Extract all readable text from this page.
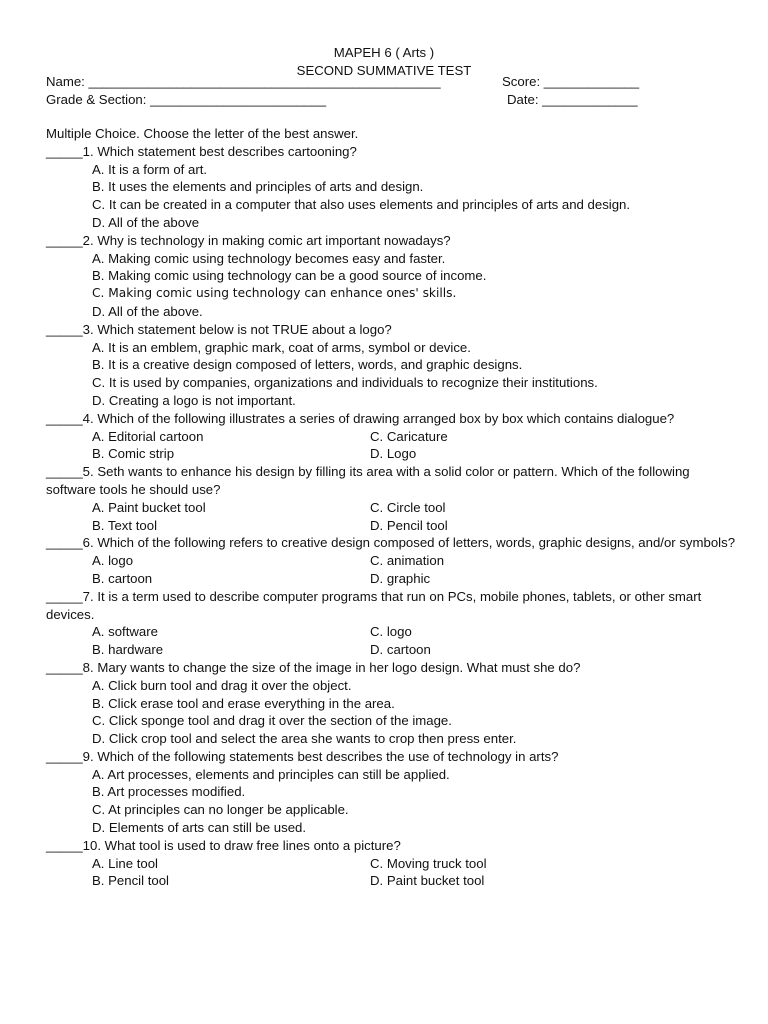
MAPEH 6 ( Arts )
SECOND SUMMATIVE TEST
Name: ________________________________________________	Score: _____________
Grade & Section: ________________________	Date: _____________
Multiple Choice. Choose the letter of the best answer.
_____1. Which statement best describes cartooning?
A. It is a form of art.
B. It uses the elements and principles of arts and design.
C. It can be created in a computer that also uses elements and principles of arts and design.
D. All of the above
_____2. Why is technology in making comic art important nowadays?
A. Making comic using technology becomes easy and faster.
B. Making comic using technology can be a good source of income.
C. Making comic using technology can enhance ones' skills.
D. All of the above.
_____3. Which statement below is not TRUE about a logo?
A. It is an emblem, graphic mark, coat of arms, symbol or device.
B. It is a creative design composed of letters, words, and graphic designs.
C. It is used by companies, organizations and individuals to recognize their institutions.
D. Creating a logo is not important.
_____4. Which of the following illustrates a series of drawing arranged box by box which contains dialogue?
A. Editorial cartoon	C. Caricature
B. Comic strip	D. Logo
_____5. Seth wants to enhance his design by filling its area with a solid color or pattern. Which of the following software tools he should use?
A. Paint bucket tool	C. Circle tool
B. Text tool	D. Pencil tool
_____6. Which of the following refers to creative design composed of letters, words, graphic designs, and/or symbols?
A. logo	C. animation
B. cartoon	D. graphic
_____7. It is a term used to describe computer programs that run on PCs, mobile phones, tablets, or other smart devices.
A. software	C. logo
B. hardware	D. cartoon
_____8. Mary wants to change the size of the image in her logo design. What must she do?
A. Click burn tool and drag it over the object.
B. Click erase tool and erase everything in the area.
C. Click sponge tool and drag it over the section of the image.
D. Click crop tool and select the area she wants to crop then press enter.
_____9. Which of the following statements best describes the use of technology in arts?
A. Art processes, elements and principles can still be applied.
B. Art processes modified.
C. At principles can no longer be applicable.
D. Elements of arts can still be used.
_____10. What tool is used to draw free lines onto a picture?
A. Line tool	C. Moving truck tool
B. Pencil tool	D. Paint bucket tool
